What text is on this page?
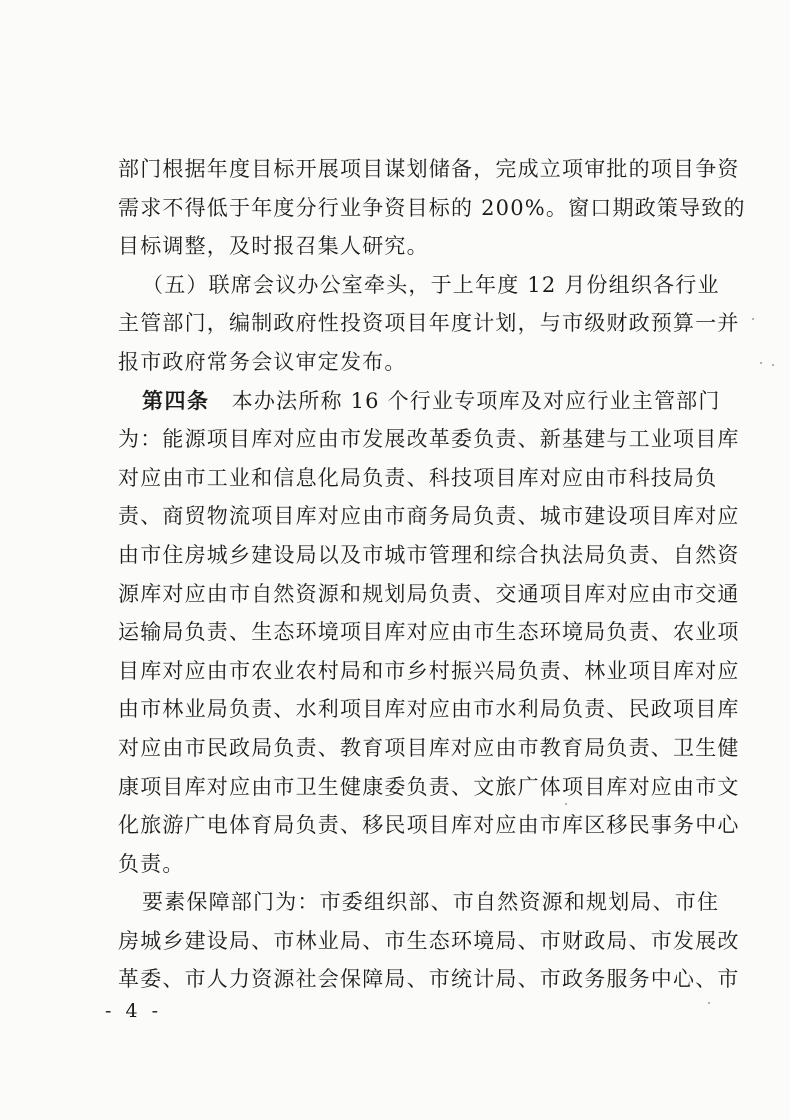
部门根据年度目标开展项目谋划储备，完成立项审批的项目争资
需求不得低于年度分行业争资目标的 200%。窗口期政策导致的
目标调整，及时报召集人研究。
（五）联席会议办公室牵头，于上年度 12 月份组织各行业
主管部门，编制政府性投资项目年度计划，与市级财政预算一并
报市政府常务会议审定发布。
第四条　 本办法所称 16 个行业专项库及对应行业主管部门
为：能源项目库对应由市发展改革委负责、新基建与工业项目库
对应由市工业和信息化局负责、科技项目库对应由市科技局负
责、商贸物流项目库对应由市商务局负责、城市建设项目库对应
由市住房城乡建设局以及市城市管理和综合执法局负责、自然资
源库对应由市自然资源和规划局负责、交通项目库对应由市交通
运输局负责、生态环境项目库对应由市生态环境局负责、农业项
目库对应由市农业农村局和市乡村振兴局负责、林业项目库对应
由市林业局负责、水利项目库对应由市水利局负责、民政项目库
对应由市民政局负责、教育项目库对应由市教育局负责、卫生健
康项目库对应由市卫生健康委负责、文旅广体项目库对应由市文
化旅游广电体育局负责、移民项目库对应由市库区移民事务中心
负责。
要素保障部门为：市委组织部、市自然资源和规划局、市住
房城乡建设局、市林业局、市生态环境局、市财政局、市发展改
革委、市人力资源社会保障局、市统计局、市政务服务中心、市
- 4 -
